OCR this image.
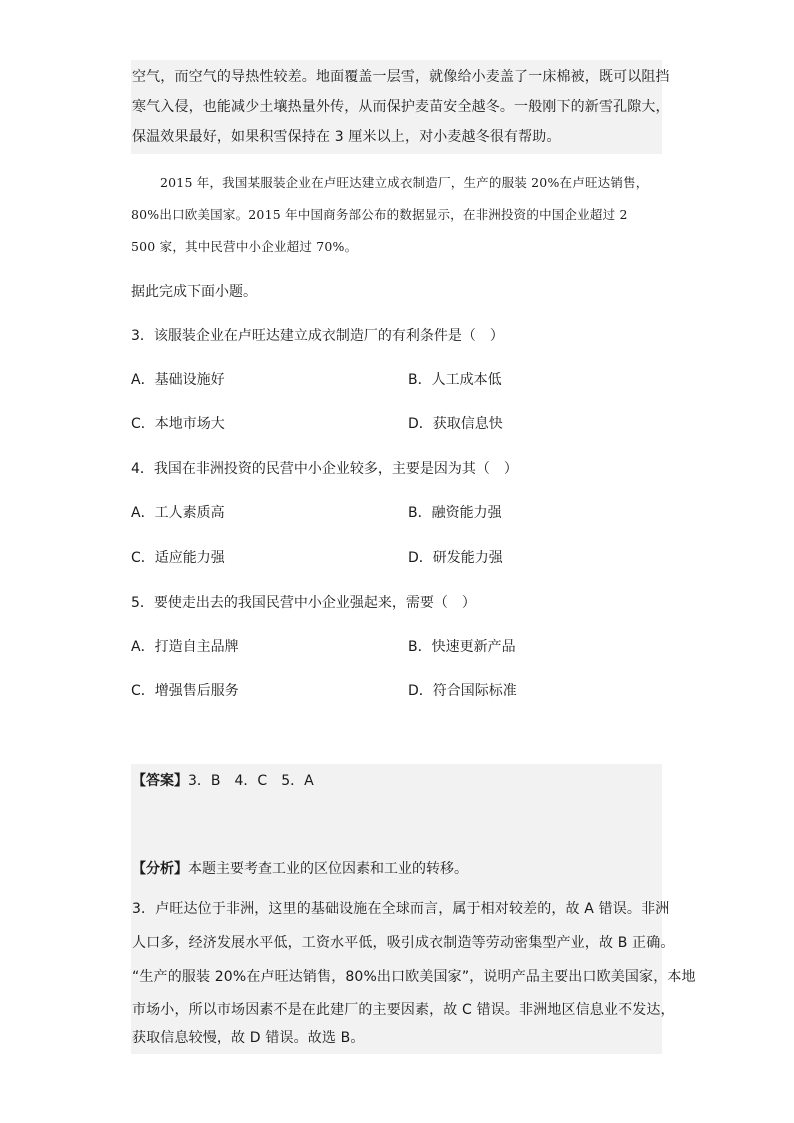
空气，而空气的导热性较差。地面覆盖一层雪，就像给小麦盖了一床棉被，既可以阻挡
寒气入侵，也能减少土壤热量外传，从而保护麦苗安全越冬。一般刚下的新雪孔隙大，
保温效果最好，如果积雪保持在 3 厘米以上，对小麦越冬很有帮助。
2015 年，我国某服装企业在卢旺达建立成衣制造厂，生产的服装 20%在卢旺达销售，
80%出口欧美国家。2015 年中国商务部公布的数据显示，在非洲投资的中国企业超过 2
500 家，其中民营中小企业超过 70%。
据此完成下面小题。
3．该服装企业在卢旺达建立成衣制造厂的有利条件是（　）
A．基础设施好	B．人工成本低
C．本地市场大	D．获取信息快
4．我国在非洲投资的民营中小企业较多，主要是因为其（　）
A．工人素质高	B．融资能力强
C．适应能力强	D．研发能力强
5．要使走出去的我国民营中小企业强起来，需要（　）
A．打造自主品牌	B．快速更新产品
C．增强售后服务	D．符合国际标准
【答案】3．B　4．C　5．A
【分析】本题主要考查工业的区位因素和工业的转移。
3．卢旺达位于非洲，这里的基础设施在全球而言，属于相对较差的，故 A 错误。非洲
人口多，经济发展水平低，工资水平低，吸引成衣制造等劳动密集型产业，故 B 正确。
“生产的服装 20%在卢旺达销售，80%出口欧美国家”，说明产品主要出口欧美国家，本地
市场小，所以市场因素不是在此建厂的主要因素，故 C 错误。非洲地区信息业不发达，
获取信息较慢，故 D 错误。故选 B。
